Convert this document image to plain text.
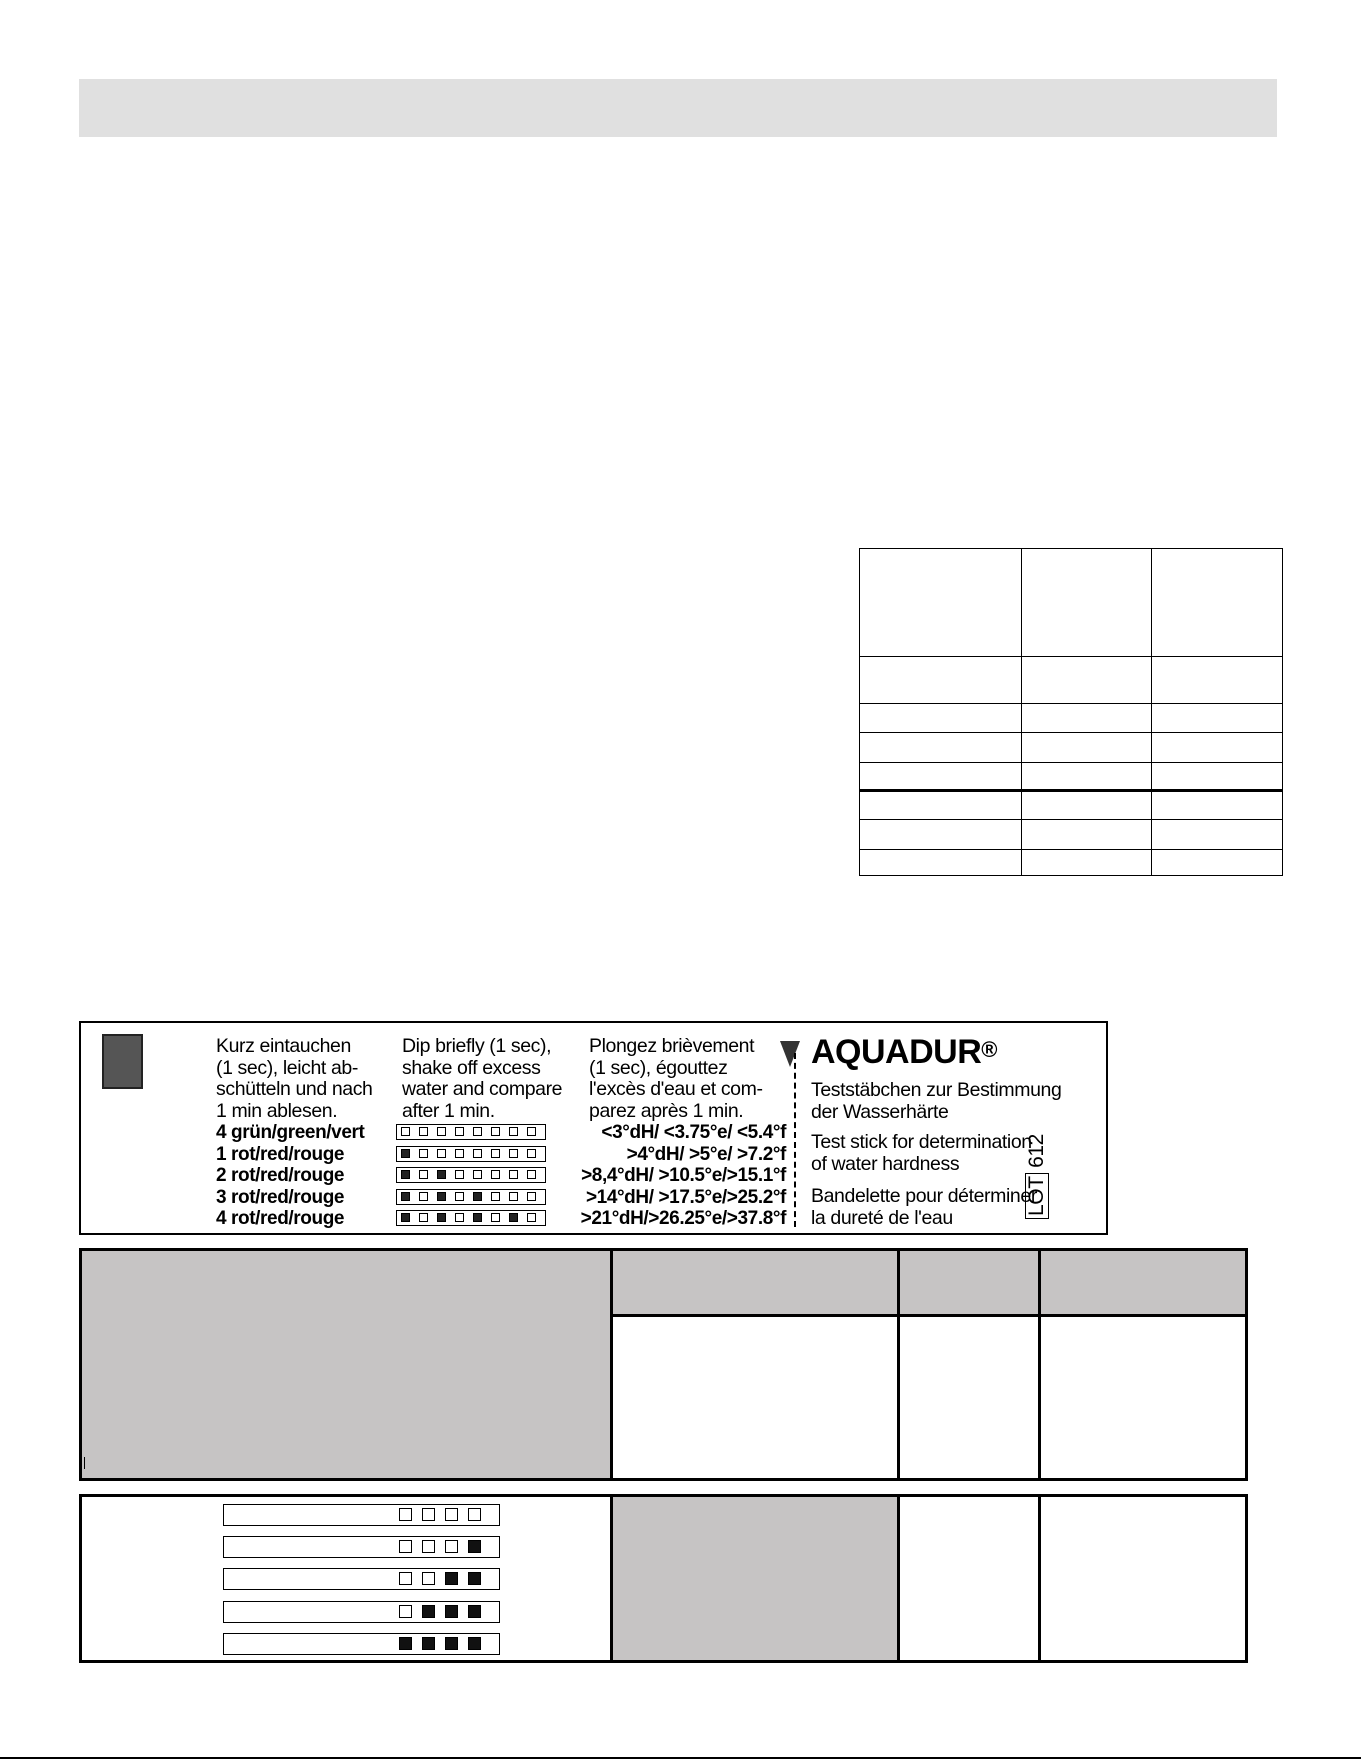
Kurz eintauchen
(1 sec), leicht ab-
schütteln und nach
1 min ablesen.
Dip briefly (1 sec),
shake off excess
water and compare
after 1 min.
Plongez brièvement
(1 sec), égouttez
l'excès d'eau et com-
parez après 1 min.
4 grün/green/vert	<3°dH/ <3.75°e/ <5.4°f
1 rot/red/rouge	>4°dH/ >5°e/ >7.2°f
2 rot/red/rouge	>8,4°dH/ >10.5°e/>15.1°f
3 rot/red/rouge	>14°dH/ >17.5°e/>25.2°f
4 rot/red/rouge	>21°dH/>26.25°e/>37.8°f
AQUADUR®
Teststäbchen zur Bestimmung
der Wasserhärte
Test stick for determination
of water hardness
Bandelette pour déterminer
la dureté de l'eau
LOT 612
